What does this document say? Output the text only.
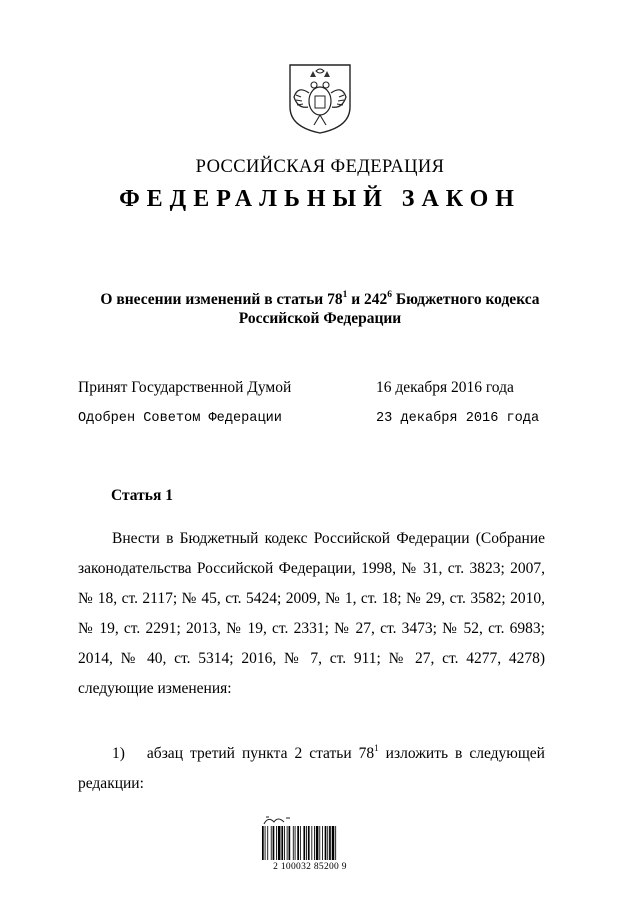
РОССИЙСКАЯ ФЕДЕРАЦИЯ
ФЕДЕРАЛЬНЫЙ ЗАКОН
О внесении изменений в статьи $78^1$ и $242^6$ Бюджетного кодекса
Российской Федерации
Принят Государственной Думой	16 декабря 2016 года
Одобрен Советом Федерации	23 декабря 2016 года
Статья 1

Внести в Бюджетный кодекс Российской Федерации (Собрание законодательства Российской Федерации, 1998, № 31, ст. 3823; 2007, № 18, ст. 2117; № 45, ст. 5424; 2009, № 1, ст. 18; № 29, ст. 3582; 2010, № 19, ст. 2291; 2013, № 19, ст. 2331; № 27, ст. 3473; № 52, ст. 6983; 2014, № 40, ст. 5314; 2016, № 7, ст. 911; № 27, ст. 4277, 4278) следующие изменения:

1) абзац третий пункта 2 статьи $78^1$ изложить в следующей редакции:
2 100032 85200 9
